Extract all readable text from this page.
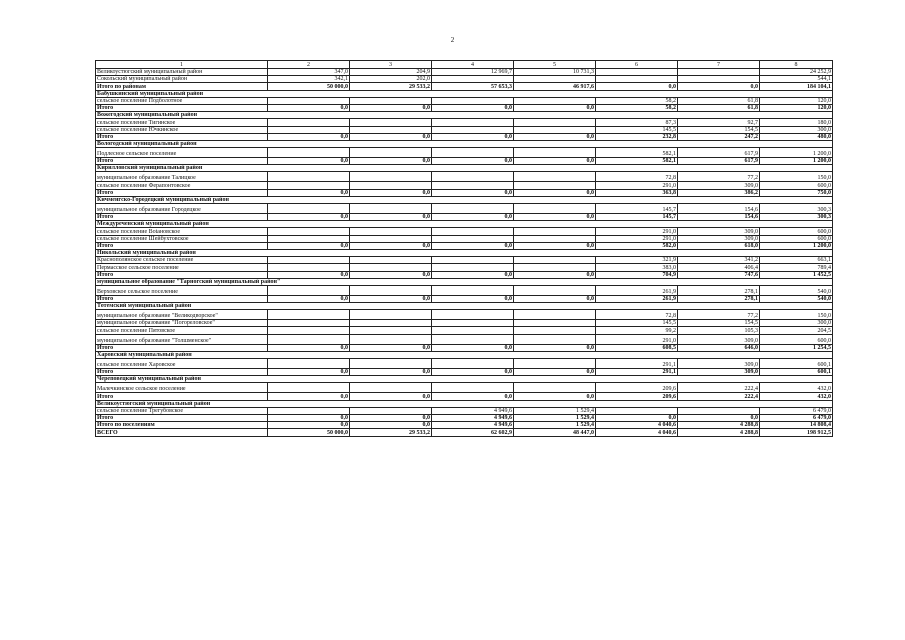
2
1	2	3	4	5	6	7	8
Великоустюгский муниципальный район	347,0	204,9	12 969,7	10 731,3			24 252,9
Сокольский муниципальный район	342,1	202,0					544,1
Итого по районам	50 000,0	29 533,2	57 653,3	46 917,6	0,0	0,0	184 104,1
Бабушкинский муниципальный район							
сельское поселение Подболотное					58,2	61,8	120,0
Итого	0,0	0,0	0,0	0,0	58,2	61,8	120,0
Вожегодский муниципальный район							
сельское поселение Тигинское					87,3	92,7	180,0
сельское поселение Ючкинское					145,5	154,5	300,0
Итого	0,0	0,0	0,0	0,0	232,8	247,2	480,0
Вологодский муниципальный район							
Подлесное сельское поселение					582,1	617,9	1 200,0
Итого	0,0	0,0	0,0	0,0	582,1	617,9	1 200,0
Кирилловский муниципальный район							
муниципальное образование Талицкое					72,8	77,2	150,0
сельское поселение Ферапонтовское					291,0	309,0	600,0
Итого	0,0	0,0	0,0	0,0	363,8	386,2	750,0
Кичменгско-Городецкий муниципальный район							
муниципальное образование Городецкое					145,7	154,6	300,3
Итого	0,0	0,0	0,0	0,0	145,7	154,6	300,3
Междуреченский муниципальный район							
сельское поселение Botaновское					291,0	309,0	600,0
сельское поселение Шейбухтовское					291,0	309,0	600,0
Итого	0,0	0,0	0,0	0,0	582,0	618,0	1 200,0
Никольский муниципальный район							
Краснополянское сельское поселение					321,9	341,2	663,1
Пермасское сельское поселение					383,0	406,4	789,4
Итого	0,0	0,0	0,0	0,0	704,9	747,6	1 452,5
муниципальное образование "Тарногский муниципальный район"							
Верховское сельское поселение					261,9	278,1	540,0
Итого	0,0	0,0	0,0	0,0	261,9	278,1	540,0
Тотемский муниципальный район							
муниципальное образование "Великодворское"					72,8	77,2	150,0
муниципальное образование "Погореловское"					145,5	154,5	300,0
сельское поселение Пятовское					99,2	105,3	204,5
муниципальное образование "Толшменское"					291,0	309,0	600,0
Итого	0,0	0,0	0,0	0,0	608,5	646,0	1 254,5
Харовский муниципальный район							
сельское поселение Харовское					291,1	309,0	600,1
Итого	0,0	0,0	0,0	0,0	291,1	309,0	600,1
Череповецкий муниципальный район							
Малечкинское сельское поселение					209,6	222,4	432,0
Итого	0,0	0,0	0,0	0,0	209,6	222,4	432,0
Великоустюгский муниципальный район							
сельское поселение Трегубовское			4 949,6	1 529,4			6 479,0
Итого	0,0	0,0	4 949,6	1 529,4	0,0	0,0	6 479,0
Итого по поселениям	0,0	0,0	4 949,6	1 529,4	4 040,6	4 288,8	14 808,4
ВСЕГО	50 000,0	29 533,2	62 602,9	48 447,0	4 040,6	4 288,8	198 912,5
